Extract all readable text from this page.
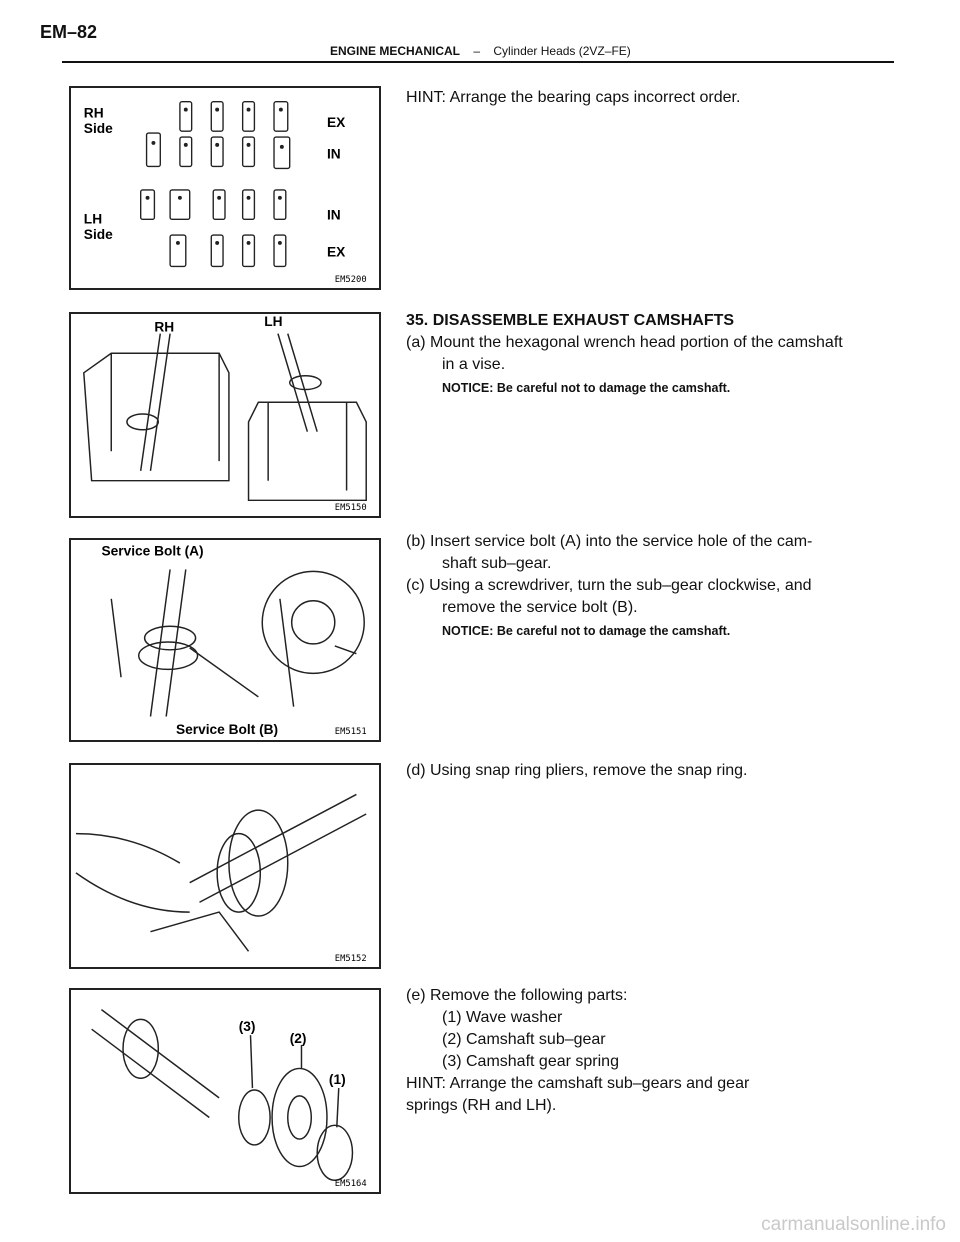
EM–82
ENGINE MECHANICAL – Cylinder Heads (2VZ–FE)
RH
Side
LH
Side
EX
IN
IN
EX
EM5200
RH	LH
EM5150
Service Bolt (A)
Service Bolt (B)	EM5151
EM5152
(3)
(2)
(1)
EM5164

HINT: Arrange the bearing caps incorrect order.

35. DISASSEMBLE EXHAUST CAMSHAFTS

(a) Mount the hexagonal wrench head portion of the camshaft

in a vise.

NOTICE: Be careful not to damage the camshaft.

(b) Insert service bolt (A) into the service hole of the cam-

shaft sub–gear.

(c) Using a screwdriver, turn the sub–gear clockwise, and

remove the service bolt (B).

NOTICE: Be careful not to damage the camshaft.

(d) Using snap ring pliers, remove the snap ring.

(e) Remove the following parts:

(1) Wave washer

(2) Camshaft sub–gear

(3) Camshaft gear spring

HINT: Arrange the camshaft sub–gears and gear

springs (RH and LH).

carmanualsonline.info
